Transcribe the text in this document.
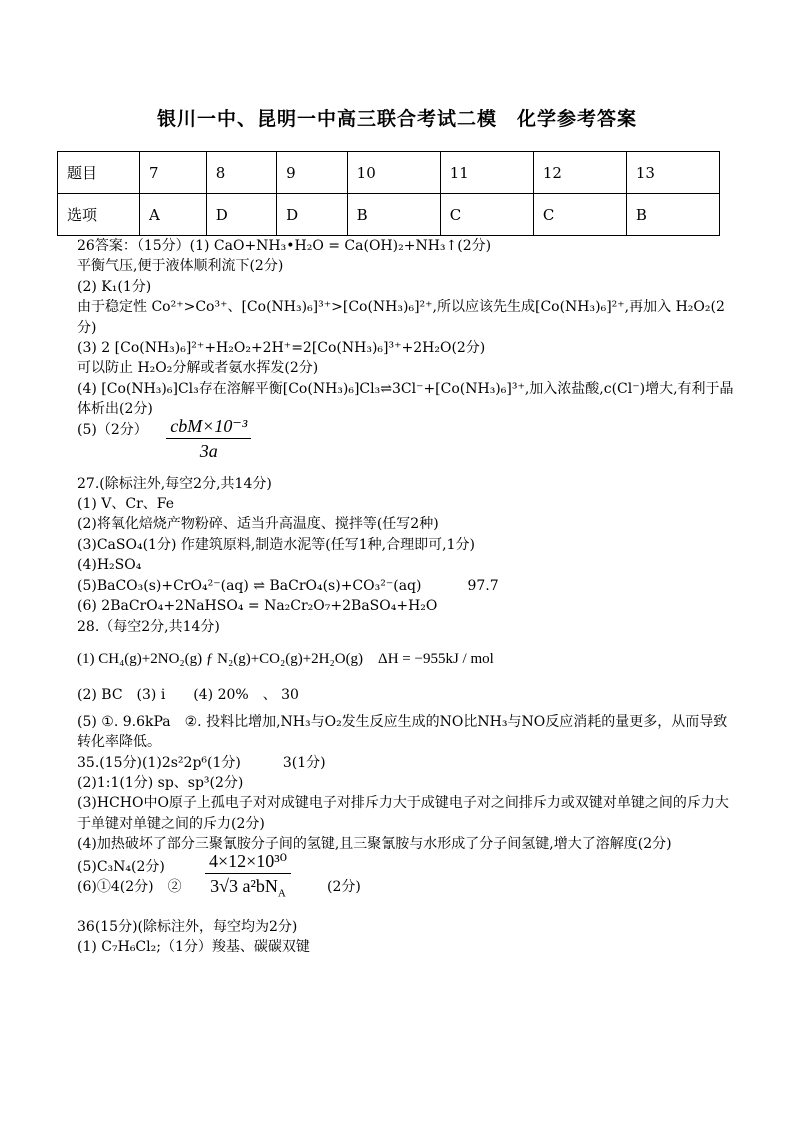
银川一中、昆明一中高三联合考试二模　化学参考答案
题目	7	8	9	10	11	12	13
选项	A	D	D	B	C	C	B
26答案：（15分）(1) CaO+NH₃•H₂O = Ca(OH)₂+NH₃↑(2分)
平衡气压,便于液体顺利流下(2分)
(2) K₁(1分)
由于稳定性 Co²⁺>Co³⁺、[Co(NH₃)₆]³⁺>[Co(NH₃)₆]²⁺,所以应该先生成[Co(NH₃)₆]²⁺,再加入 H₂O₂(2分)
(3) 2 [Co(NH₃)₆]²⁺+H₂O₂+2H⁺=2[Co(NH₃)₆]³⁺+2H₂O(2分)
可以防止 H₂O₂分解或者氨水挥发(2分)
(4) [Co(NH₃)₆]Cl₃存在溶解平衡[Co(NH₃)₆]Cl₃⇌3Cl⁻+[Co(NH₃)₆]³⁺,加入浓盐酸,c(Cl⁻)增大,有利于晶体析出(2分)
(5)（2分） $\frac{\text{cbM×10⁻³}}{3a}$
27.(除标注外,每空2分,共14分)
(1) V、Cr、Fe
(2)将氧化焙烧产物粉碎、适当升高温度、搅拌等(任写2种)
(3)CaSO₄(1分) 作建筑原料,制造水泥等(任写1种,合理即可,1分)
(4)H₂SO₄
(5)BaCO₃(s)+CrO₄²⁻(aq) ⇌ BaCrO₄(s)+CO₃²⁻(aq)	97.7
(6) 2BaCrO₄+2NaHSO₄ = Na₂Cr₂O₇+2BaSO₄+H₂O
28.（每空2分,共14分)
(1) CH₄(g)+2NO₂(g) ƒ N₂(g)+CO₂(g)+2H₂O(g)　ΔH = −955kJ / mol
(2) BC　(3) i　　(4) 20%　、 30
(5) ①. 9.6kPa　②. 投料比增加,NH₃与O₂发生反应生成的NO比NH₃与NO反应消耗的量更多，从而导致转化率降低。
35.(15分)(1)2s²2p⁶(1分)　　　3(1分)
(2)1:1(1分) sp、sp³(2分)
(3)HCHO中O原子上孤电子对对成键电子对排斥力大于成键电子对之间排斥力或双键对单键之间的斥力大于单键对单键之间的斥力(2分)
(4)加热破坏了部分三聚氰胺分子间的氢键,且三聚氰胺与水形成了分子间氢键,增大了溶解度(2分)
(5)C₃N₄(2分)
(6)①4(2分)　②
4×12×10³⁰
3√3 $a^2bN_A$	(2分)
36(15分)(除标注外，每空均为2分)
(1) C₇H₆Cl₂;（1分）羧基、碳碳双键
